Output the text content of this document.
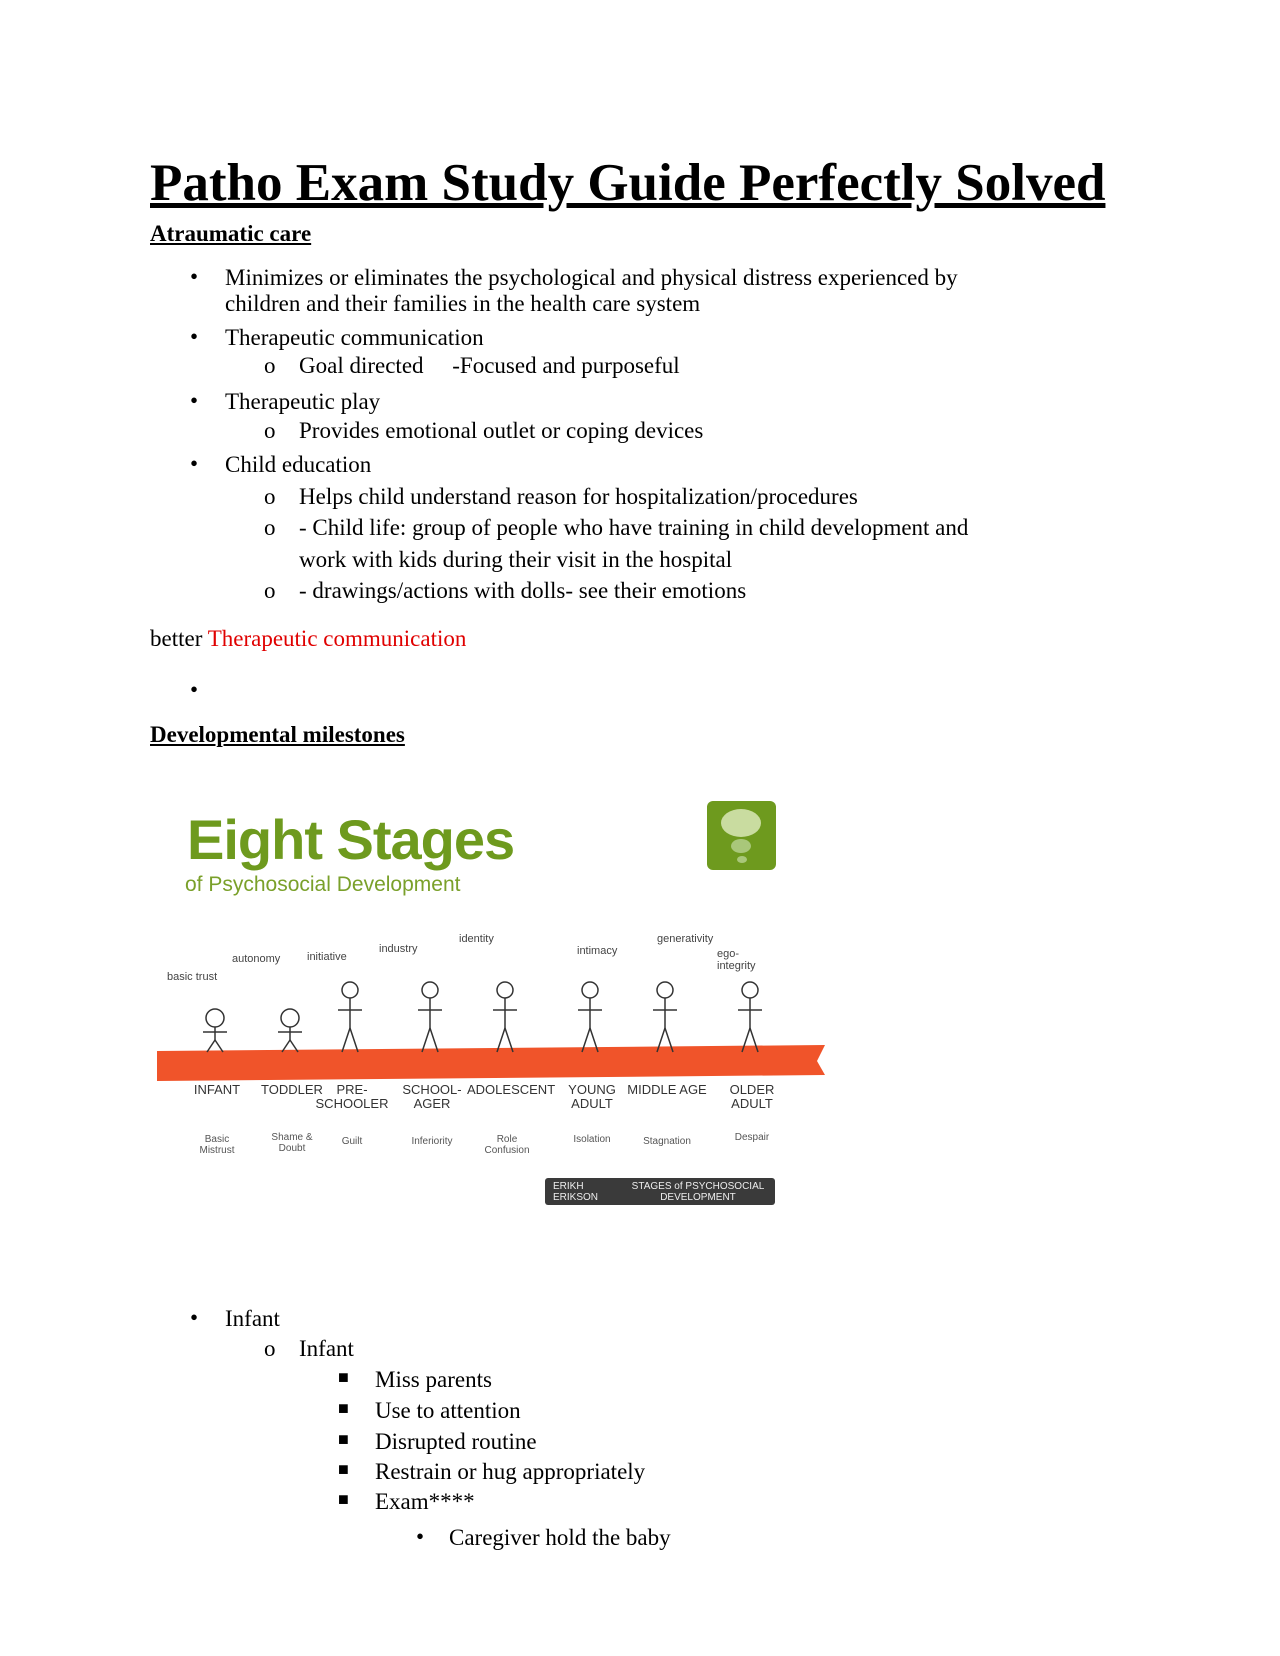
Patho Exam Study Guide Perfectly Solved
Atraumatic care
• Minimizes or eliminates the psychological and physical distress experienced by
children and their families in the health care system
• Therapeutic communication
o Goal directed     -Focused and purposeful
• Therapeutic play
o Provides emotional outlet or coping devices
• Child education
o Helps child understand reason for hospitalization/procedures
o - Child life: group of people who have training in child development and
work with kids during their visit in the hospital
o - drawings/actions with dolls- see their emotions
better Therapeutic communication
•
Developmental milestones
Eight Stages
of Psychosocial Development
basic trust
INFANT
Basic Mistrust
autonomy
TODDLER
Shame & Doubt
initiative
PRE-SCHOOLER
Guilt
industry
SCHOOL-AGER
Inferiority
identity
ADOLESCENT
Role Confusion
intimacy
YOUNG ADULT
Isolation
generativity
MIDDLE AGE
Stagnation
ego-integrity
OLDER ADULT
Despair
ERIKH ERIKSON
STAGES of PSYCHOSOCIAL DEVELOPMENT
• Infant
o Infant
■ Miss parents
■ Use to attention
■ Disrupted routine
■ Restrain or hug appropriately
■ Exam****
• Caregiver hold the baby
